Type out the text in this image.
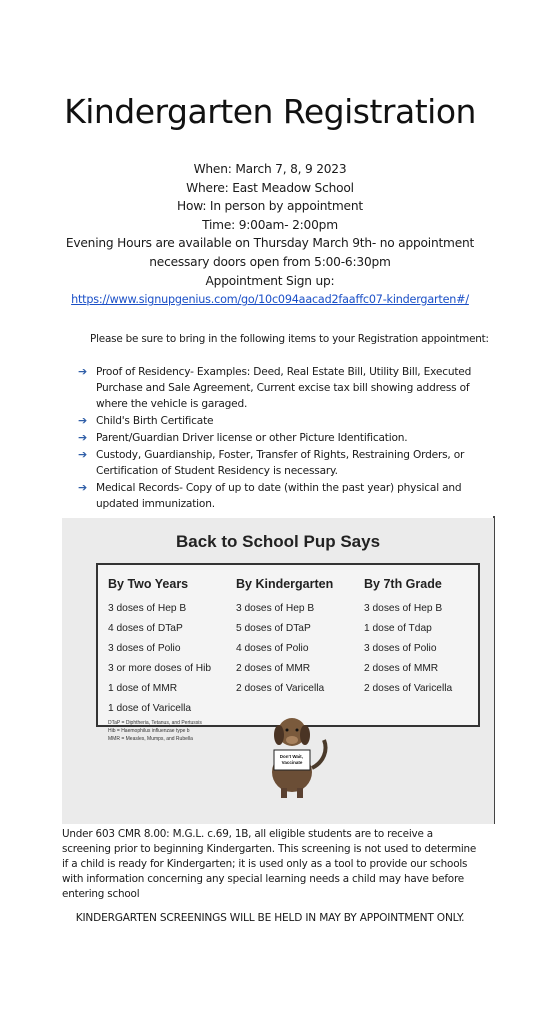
Kindergarten Registration
When: March 7, 8, 9 2023
Where: East Meadow School
How: In person by appointment
Time: 9:00am- 2:00pm
Evening Hours are available on Thursday March 9th- no appointment
necessary doors open from 5:00-6:30pm
Appointment Sign up:
https://www.signupgenius.com/go/10c094aacad2faaffc07-kindergarten#/
Please be sure to bring in the following items to your Registration appointment:
➔ Proof of Residency- Examples: Deed, Real Estate Bill, Utility Bill, Executed Purchase and Sale Agreement, Current excise tax bill showing address of where the vehicle is garaged.
➔ Child's Birth Certificate
➔ Parent/Guardian Driver license or other Picture Identification.
➔ Custody, Guardianship, Foster, Transfer of Rights, Restraining Orders, or Certification of Student Residency is necessary.
➔ Medical Records- Copy of up to date (within the past year) physical and updated immunization.
Back to School Pup Says
By Two Years
3 doses of Hep B
4 doses of DTaP
3 doses of Polio
3 or more doses of Hib
1 dose of MMR
1 dose of Varicella
DTaP = Diphtheria, Tetanus, and Pertussis
Hib = Haemophilus influenzae type b
MMR = Measles, Mumps, and Rubella
By Kindergarten
3 doses of Hep B
5 doses of DTaP
4 doses of Polio
2 doses of MMR
2 doses of Varicella
By 7th Grade
3 doses of Hep B
1 dose of Tdap
3 doses of Polio
2 doses of MMR
2 doses of Varicella
Don't Wait, Vaccinate
Under 603 CMR 8.00: M.G.L. c.69, 1B, all eligible students are to receive a screening prior to beginning Kindergarten. This screening is not used to determine if a child is ready for Kindergarten; it is used only as a tool to provide our schools with information concerning any special learning needs a child may have before entering school
KINDERGARTEN SCREENINGS WILL BE HELD IN MAY BY APPOINTMENT ONLY.
